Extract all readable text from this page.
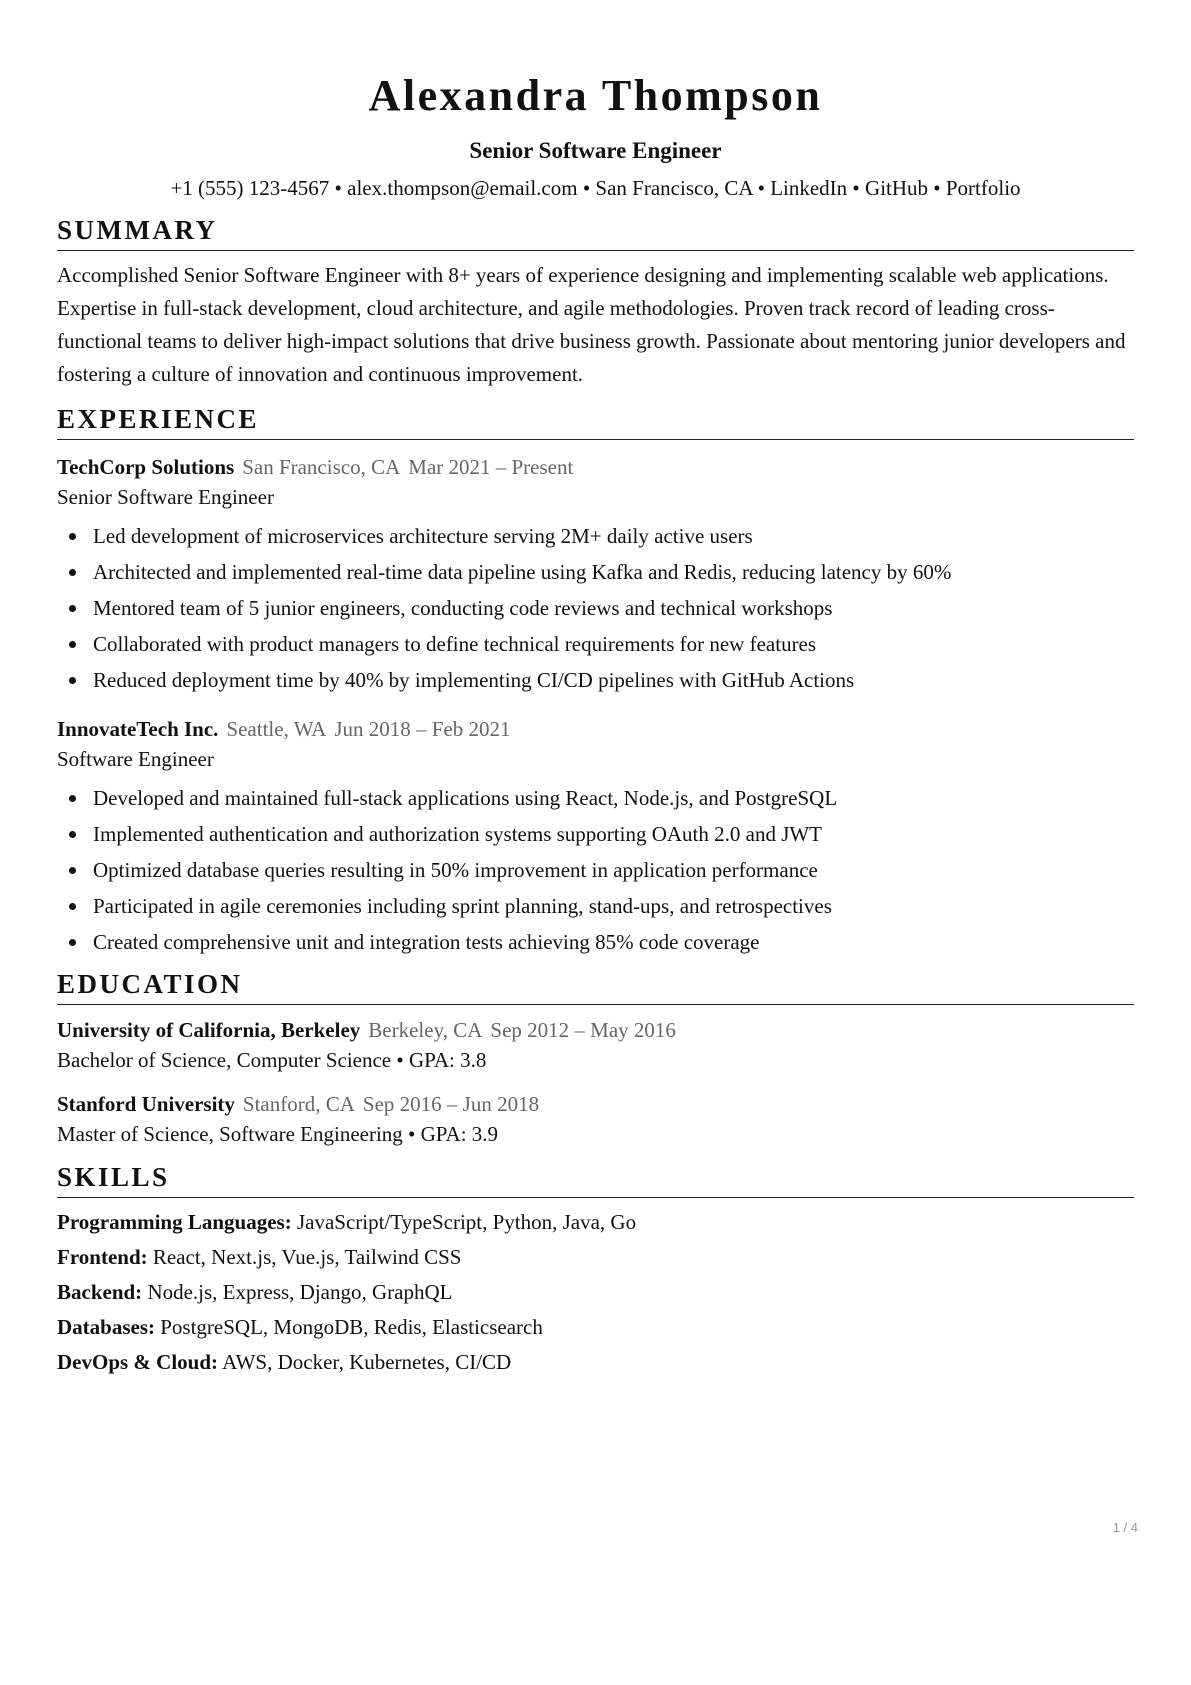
Alexandra Thompson
Senior Software Engineer
+1 (555) 123-4567 • alex.thompson@email.com • San Francisco, CA • LinkedIn • GitHub • Portfolio
SUMMARY

Accomplished Senior Software Engineer with 8+ years of experience designing and implementing scalable web applications. Expertise in full-stack development, cloud architecture, and agile methodologies. Proven track record of leading cross-functional teams to deliver high-impact solutions that drive business growth. Passionate about mentoring junior developers and fostering a culture of innovation and continuous improvement.

EXPERIENCE
TechCorp Solutions San Francisco, CA Mar 2021 – Present
Senior Software Engineer
Led development of microservices architecture serving 2M+ daily active users
Architected and implemented real-time data pipeline using Kafka and Redis, reducing latency by 60%
Mentored team of 5 junior engineers, conducting code reviews and technical workshops
Collaborated with product managers to define technical requirements for new features
Reduced deployment time by 40% by implementing CI/CD pipelines with GitHub Actions
InnovateTech Inc. Seattle, WA Jun 2018 – Feb 2021
Software Engineer
Developed and maintained full-stack applications using React, Node.js, and PostgreSQL
Implemented authentication and authorization systems supporting OAuth 2.0 and JWT
Optimized database queries resulting in 50% improvement in application performance
Participated in agile ceremonies including sprint planning, stand-ups, and retrospectives
Created comprehensive unit and integration tests achieving 85% code coverage
EDUCATION
University of California, Berkeley Berkeley, CA Sep 2012 – May 2016
Bachelor of Science, Computer Science • GPA: 3.8
Stanford University Stanford, CA Sep 2016 – Jun 2018
Master of Science, Software Engineering • GPA: 3.9
SKILLS
Programming Languages: JavaScript/TypeScript, Python, Java, Go
Frontend: React, Next.js, Vue.js, Tailwind CSS
Backend: Node.js, Express, Django, GraphQL
Databases: PostgreSQL, MongoDB, Redis, Elasticsearch
DevOps & Cloud: AWS, Docker, Kubernetes, CI/CD
1 / 4
